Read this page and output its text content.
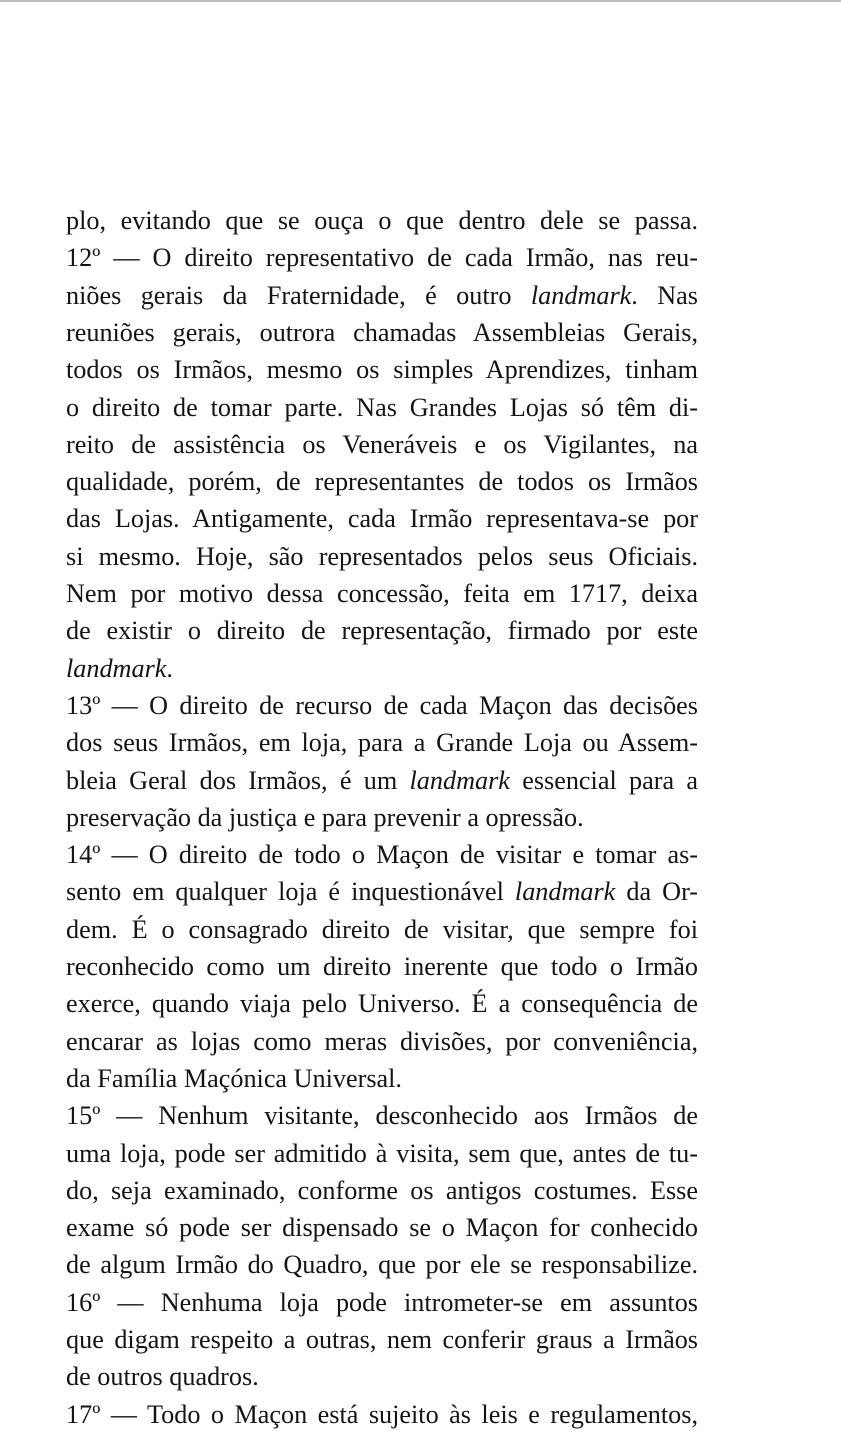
plo, evitando que se ouça o que dentro dele se passa.
12º — O direito representativo de cada Irmão, nas reu-
niões gerais da Fraternidade, é outro landmark. Nas
reuniões gerais, outrora chamadas Assembleias Gerais,
todos os Irmãos, mesmo os simples Aprendizes, tinham
o direito de tomar parte. Nas Grandes Lojas só têm di-
reito de assistência os Veneráveis e os Vigilantes, na
qualidade, porém, de representantes de todos os Irmãos
das Lojas. Antigamente, cada Irmão representava-se por
si mesmo. Hoje, são representados pelos seus Oficiais.
Nem por motivo dessa concessão, feita em 1717, deixa
de existir o direito de representação, firmado por este
landmark.
13º — O direito de recurso de cada Maçon das decisões
dos seus Irmãos, em loja, para a Grande Loja ou Assem-
bleia Geral dos Irmãos, é um landmark essencial para a
preservação da justiça e para prevenir a opressão.
14º — O direito de todo o Maçon de visitar e tomar as-
sento em qualquer loja é inquestionável landmark da Or-
dem. É o consagrado direito de visitar, que sempre foi
reconhecido como um direito inerente que todo o Irmão
exerce, quando viaja pelo Universo. É a consequência de
encarar as lojas como meras divisões, por conveniência,
da Família Maçónica Universal.
15º — Nenhum visitante, desconhecido aos Irmãos de
uma loja, pode ser admitido à visita, sem que, antes de tu-
do, seja examinado, conforme os antigos costumes. Esse
exame só pode ser dispensado se o Maçon for conhecido
de algum Irmão do Quadro, que por ele se responsabilize.
16º — Nenhuma loja pode intrometer-se em assuntos
que digam respeito a outras, nem conferir graus a Irmãos
de outros quadros.
17º — Todo o Maçon está sujeito às leis e regulamentos,
